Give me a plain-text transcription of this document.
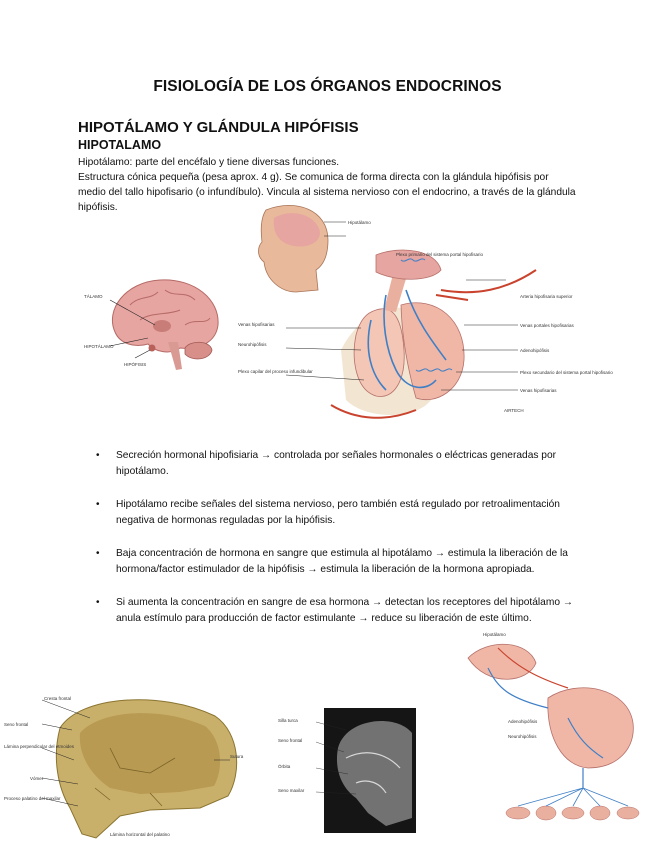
FISIOLOGÍA DE LOS ÓRGANOS ENDOCRINOS
HIPOTÁLAMO Y GLÁNDULA HIPÓFISIS
HIPOTALAMO

Hipotálamo: parte del encéfalo y tiene diversas funciones.

Estructura cónica pequeña (pesa aprox. 4 g). Se comunica de forma directa con la glándula hipófisis por medio del tallo hipofisario (o infundíbulo). Vincula al sistema nervioso con el endocrino, a través de la glándula hipófisis.

TÁLAMO
HIPOTÁLAMO
HIPÓFISIS
Hipotálamo
Plexo primario del sistema portal hipofisario
Arteria hipofisaria superior
Venas portales hipofisarias
Adenohipófisis
Plexo secundario del sistema portal hipofisario
Venas hipofisarias
Venas hipofisarias
Neurohipófisis
Plexo capilar del proceso infundibular
AIRTECH
• Secreción hormonal hipofisiaria → controlada por señales hormonales o eléctricas generadas por hipotálamo.
• Hipotálamo recibe señales del sistema nervioso, pero también está regulado por retroalimentación negativa de hormonas reguladas por la hipófisis.
• Baja concentración de hormona en sangre que estimula al hipotálamo → estimula la liberación de la hormona/factor estimulador de la hipófisis → estimula la liberación de la hormona apropiada.
• Si aumenta la concentración en sangre de esa hormona → detectan los receptores del hipotálamo → anula estímulo para producción de factor estimulante → reduce su liberación de este último.
Cresta frontal
Seno frontal
Lámina perpendicular del etmoides
Vómer
Proceso palatino del maxilar
Lámina horizontal del palatino
Sutura
Silla turca
Seno frontal
Órbita
Seno maxilar
Hipotálamo
Adenohipófisis
Neurohipófisis
